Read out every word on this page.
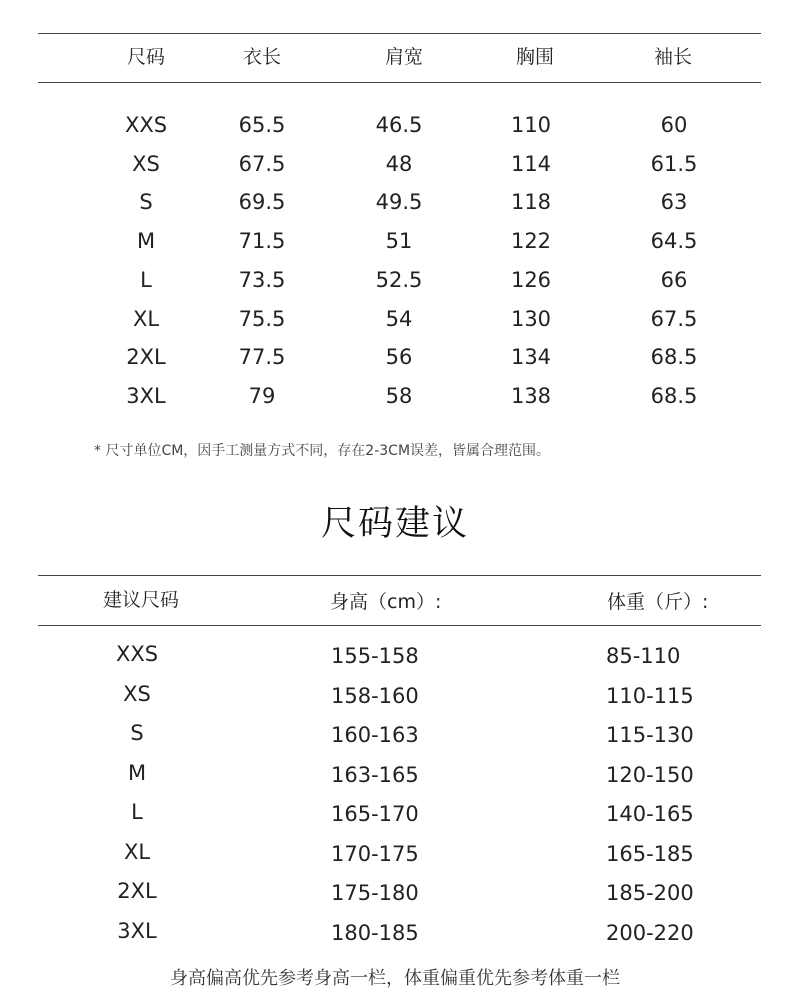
尺码	衣长	肩宽	胸围	袖长
XXS	65.5	46.5	110	60
XS	67.5	48	114	61.5
S	69.5	49.5	118	63
M	71.5	51	122	64.5
L	73.5	52.5	126	66
XL	75.5	54	130	67.5
2XL	77.5	56	134	68.5
3XL	79	58	138	68.5
* 尺寸单位CM，因手工测量方式不同，存在2-3CM误差，皆属合理范围。
尺码建议
建议尺码	身高（cm）:	体重（斤）:
XXS	155-158	85-110
XS	158-160	110-115
S	160-163	115-130
M	163-165	120-150
L	165-170	140-165
XL	170-175	165-185
2XL	175-180	185-200
3XL	180-185	200-220
身高偏高优先参考身高一栏，体重偏重优先参考体重一栏
